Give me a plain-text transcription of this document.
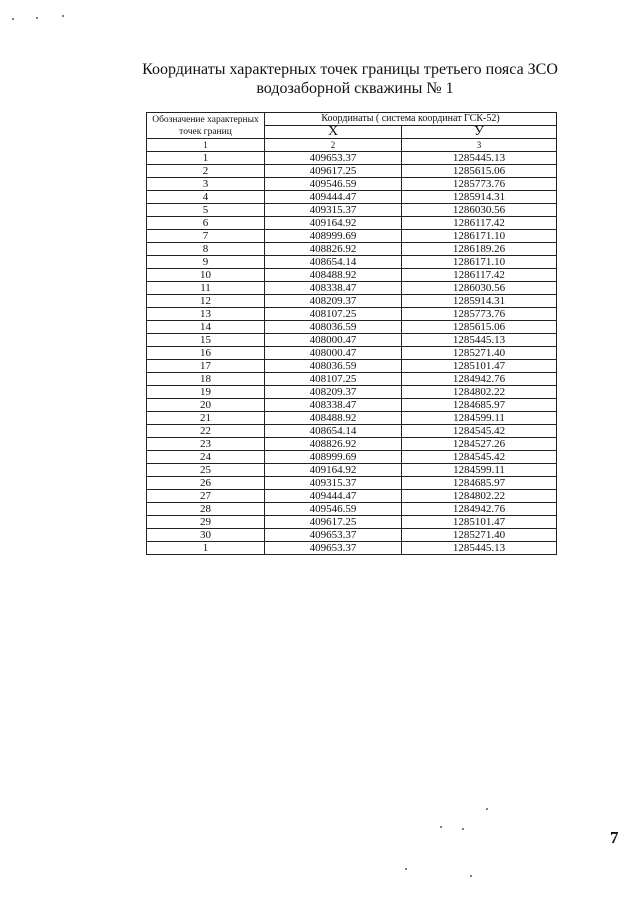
Координаты характерных точек границы третьего пояса ЗСО
водозаборной скважины № 1
Обозначение характерных точек границ	Координаты ( система координат ГСК-52)	
	X	У
1	2	3
1	409653.37	1285445.13
2	409617.25	1285615.06
3	409546.59	1285773.76
4	409444.47	1285914.31
5	409315.37	1286030.56
6	409164.92	1286117.42
7	408999.69	1286171.10
8	408826.92	1286189.26
9	408654.14	1286171.10
10	408488.92	1286117.42
11	408338.47	1286030.56
12	408209.37	1285914.31
13	408107.25	1285773.76
14	408036.59	1285615.06
15	408000.47	1285445.13
16	408000.47	1285271.40
17	408036.59	1285101.47
18	408107.25	1284942.76
19	408209.37	1284802.22
20	408338.47	1284685.97
21	408488.92	1284599.11
22	408654.14	1284545.42
23	408826.92	1284527.26
24	408999.69	1284545.42
25	409164.92	1284599.11
26	409315.37	1284685.97
27	409444.47	1284802.22
28	409546.59	1284942.76
29	409617.25	1285101.47
30	409653.37	1285271.40
1	409653.37	1285445.13
7
